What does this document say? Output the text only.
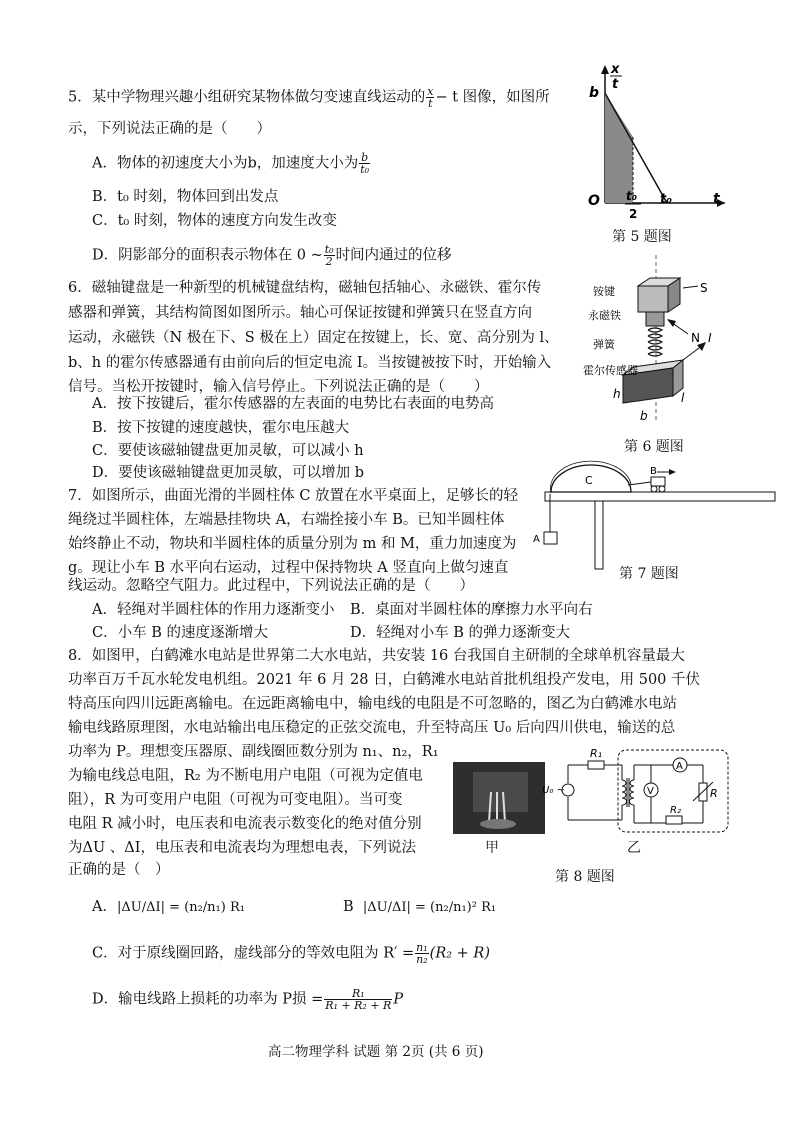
5．某中学物理兴趣小组研究某物体做匀变速直线运动的 $\frac{x}{t} - t$ 图像，如图所
示，下列说法正确的是（　　）
A．物体的初速度大小为b，加速度大小为 $\frac{b}{\text{t₀}}$
B．t₀ 时刻，物体回到出发点
C．t₀ 时刻，物体的速度方向发生改变
D．阴影部分的面积表示物体在 0 ~ $\frac{\text{t₀}}{2}$ 时间内通过的位移
x
t
b
O t₀
2
t₀	t
第 5 题图
6．磁轴键盘是一种新型的机械键盘结构，磁轴包括轴心、永磁铁、霍尔传
感器和弹簧，其结构简图如图所示。轴心可保证按键和弹簧只在竖直方向
运动，永磁铁（N 极在下、S 极在上）固定在按键上，长、宽、高分别为 l、
b、h 的霍尔传感器通有由前向后的恒定电流 I。当按键被按下时，开始输入
信号。当松开按键时，输入信号停止。下列说法正确的是（　　）
A．按下按键后，霍尔传感器的左表面的电势比右表面的电势高
B．按下按键的速度越快，霍尔电压越大
C．要使该磁轴键盘更加灵敏，可以减小 h
D．要使该磁轴键盘更加灵敏，可以增加 b
铵键
永磁铁
弹簧
霍尔传感器
S
N I
h
b
l
第 6 题图
7．如图所示，曲面光滑的半圆柱体 C 放置在水平桌面上，足够长的轻
绳绕过半圆柱体，左端悬挂物块 A，右端拴接小车 B。已知半圆柱体
始终静止不动，物块和半圆柱体的质量分别为 m 和 M，重力加速度为
g。现让小车 B 水平向右运动，过程中保持物块 A 竖直向上做匀速直
线运动。忽略空气阻力。此过程中，下列说法正确的是（　　）
A．轻绳对半圆柱体的作用力逐渐变小 B．桌面对半圆柱体的摩擦力水平向右
C．小车 B 的速度逐渐增大	D．轻绳对小车 B 的弹力逐渐变大
C
A
B
第 7 题图
8．如图甲，白鹤滩水电站是世界第二大水电站，共安装 16 台我国自主研制的全球单机容量最大
功率百万千瓦水轮发电机组。2021 年 6 月 28 日，白鹤滩水电站首批机组投产发电，用 500 千伏
特高压向四川远距离输电。在远距离输电中，输电线的电阻是不可忽略的，图乙为白鹤滩水电站
输电线路原理图，水电站输出电压稳定的正弦交流电，升至特高压 U₀ 后向四川供电，输送的总
功率为 P。理想变压器原、副线圈匝数分别为 n₁、n₂，R₁
为输电线总电阻，R₂ 为不断电用户电阻（可视为定值电
阻），R 为可变用户电阻（可视为可变电阻）。当可变
电阻 R 减小时，电压表和电流表示数变化的绝对值分别
为ΔU 、ΔI，电压表和电流表均为理想电表，下列说法
正确的是（　）
甲
R₁
U₀ ~
A
V	R
R₂
乙
第 8 题图
A．|ΔU/ΔI| = (n₂/n₁) R₁	B |ΔU/ΔI| = (n₂/n₁)² R₁
C．对于原线圈回路，虚线部分的等效电阻为 $R' = \frac{\text{n₁}}{\text{n₂}} (R_2 + R)$
D．输电线路上损耗的功率为 P损 = $\frac{\text{R₁}}{\text{R₁ + R₂ + R}}$ P
高二物理学科 试题 第 2页 (共 6 页)
